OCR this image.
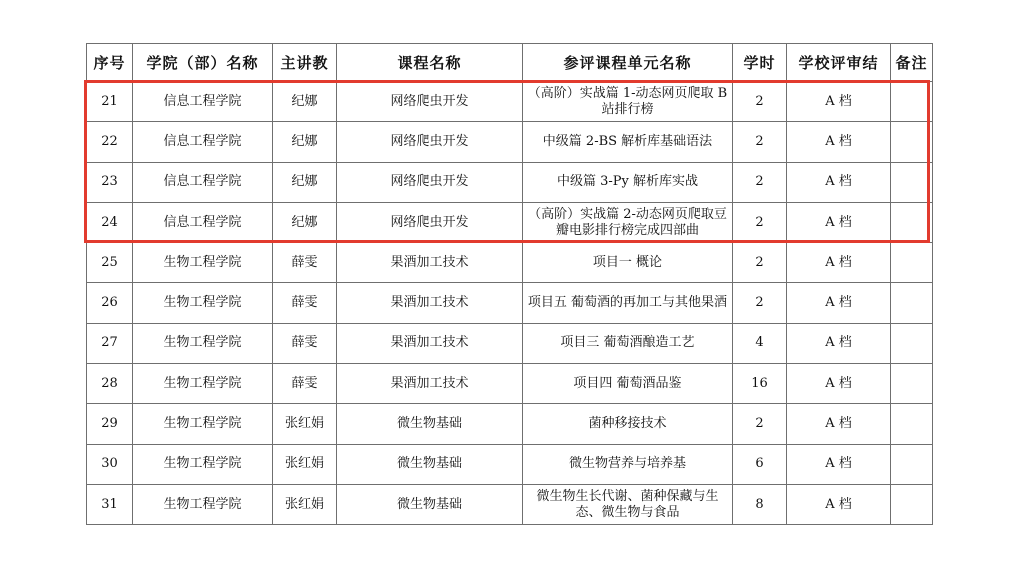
序号	学院（部）名称	主讲教	课程名称	参评课程单元名称	学时	学校评审结	备注
21	信息工程学院	纪娜	网络爬虫开发	（高阶）实战篇 1-动态网页爬取 B 站排行榜	2	A 档	
22	信息工程学院	纪娜	网络爬虫开发	中级篇 2-BS 解析库基础语法	2	A 档	
23	信息工程学院	纪娜	网络爬虫开发	中级篇 3-Py 解析库实战	2	A 档	
24	信息工程学院	纪娜	网络爬虫开发	（高阶）实战篇 2-动态网页爬取豆瓣电影排行榜完成四部曲	2	A 档	
25	生物工程学院	薛雯	果酒加工技术	项目一 概论	2	A 档	
26	生物工程学院	薛雯	果酒加工技术	项目五 葡萄酒的再加工与其他果酒	2	A 档	
27	生物工程学院	薛雯	果酒加工技术	项目三 葡萄酒酿造工艺	4	A 档	
28	生物工程学院	薛雯	果酒加工技术	项目四 葡萄酒品鉴	16	A 档	
29	生物工程学院	张红娟	微生物基础	菌种移接技术	2	A 档	
30	生物工程学院	张红娟	微生物基础	微生物营养与培养基	6	A 档	
31	生物工程学院	张红娟	微生物基础	微生物生长代谢、菌种保藏与生态、微生物与食品	8	A 档	
